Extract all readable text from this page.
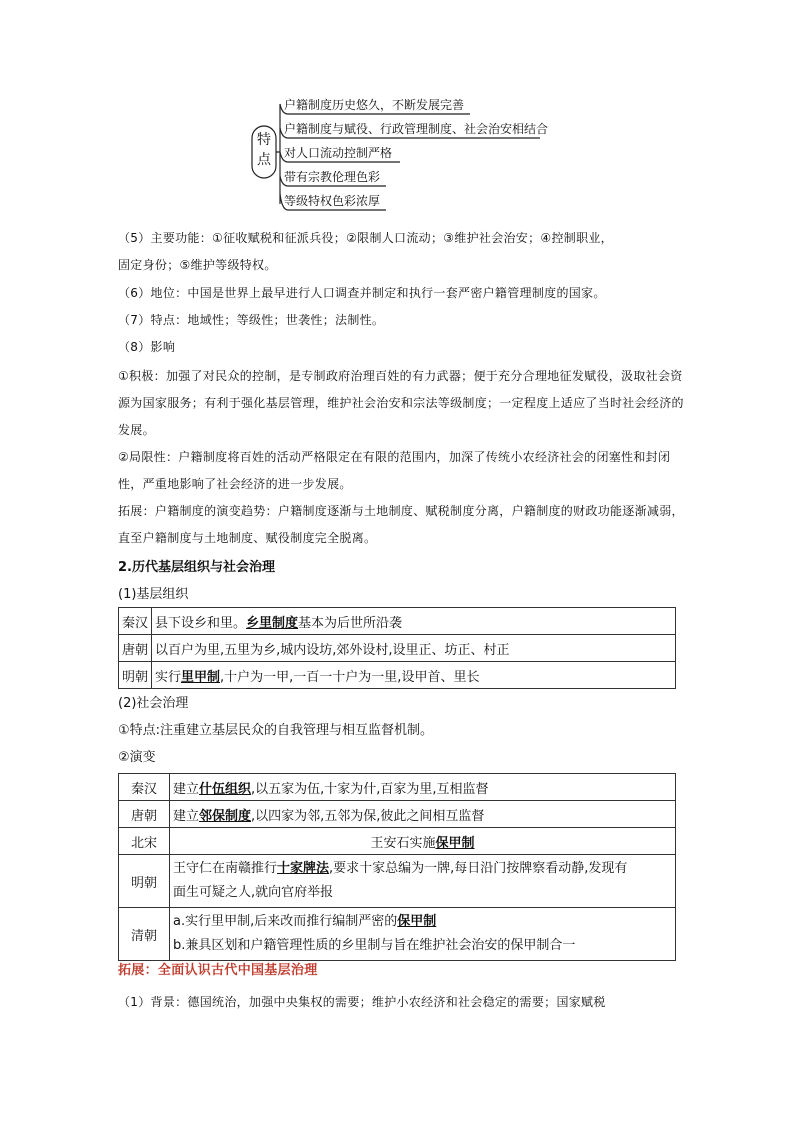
特点
户籍制度历史悠久，不断发展完善
户籍制度与赋役、行政管理制度、社会治安相结合
对人口流动控制严格
带有宗教伦理色彩
等级特权色彩浓厚
（5）主要功能：①征收赋税和征派兵役；②限制人口流动；③维护社会治安；④控制职业，
固定身份；⑤维护等级特权。
（6）地位：中国是世界上最早进行人口调查并制定和执行一套严密户籍管理制度的国家。
（7）特点：地域性；等级性；世袭性；法制性。
（8）影响
①积极：加强了对民众的控制，是专制政府治理百姓的有力武器；便于充分合理地征发赋役，汲取社会资源为国家服务；有利于强化基层管理，维护社会治安和宗法等级制度；一定程度上适应了当时社会经济的发展。
②局限性：户籍制度将百姓的活动严格限定在有限的范围内，加深了传统小农经济社会的闭塞性和封闭性，严重地影响了社会经济的进一步发展。
拓展：户籍制度的演变趋势：户籍制度逐渐与土地制度、赋税制度分离，户籍制度的财政功能逐渐减弱，直至户籍制度与土地制度、赋役制度完全脱离。
2.历代基层组织与社会治理
(1)基层组织
秦汉	县下设乡和里。乡里制度基本为后世所沿袭
唐朝	以百户为里,五里为乡,城内设坊,郊外设村,设里正、坊正、村正
明朝	实行里甲制,十户为一甲,一百一十户为一里,设甲首、里长
(2)社会治理
①特点:注重建立基层民众的自我管理与相互监督机制。
②演变
秦汉	建立什伍组织,以五家为伍,十家为什,百家为里,互相监督
唐朝	建立邻保制度,以四家为邻,五邻为保,彼此之间相互监督
北宋	王安石实施保甲制
明朝	王守仁在南赣推行十家牌法,要求十家总编为一牌,每日沿门按牌察看动静,发现有
面生可疑之人,就向官府举报
清朝	a.实行里甲制,后来改而推行编制严密的保甲制
b.兼具区划和户籍管理性质的乡里制与旨在维护社会治安的保甲制合一
拓展：全面认识古代中国基层治理
（1）背景：德国统治，加强中央集权的需要；维护小农经济和社会稳定的需要；国家赋税
